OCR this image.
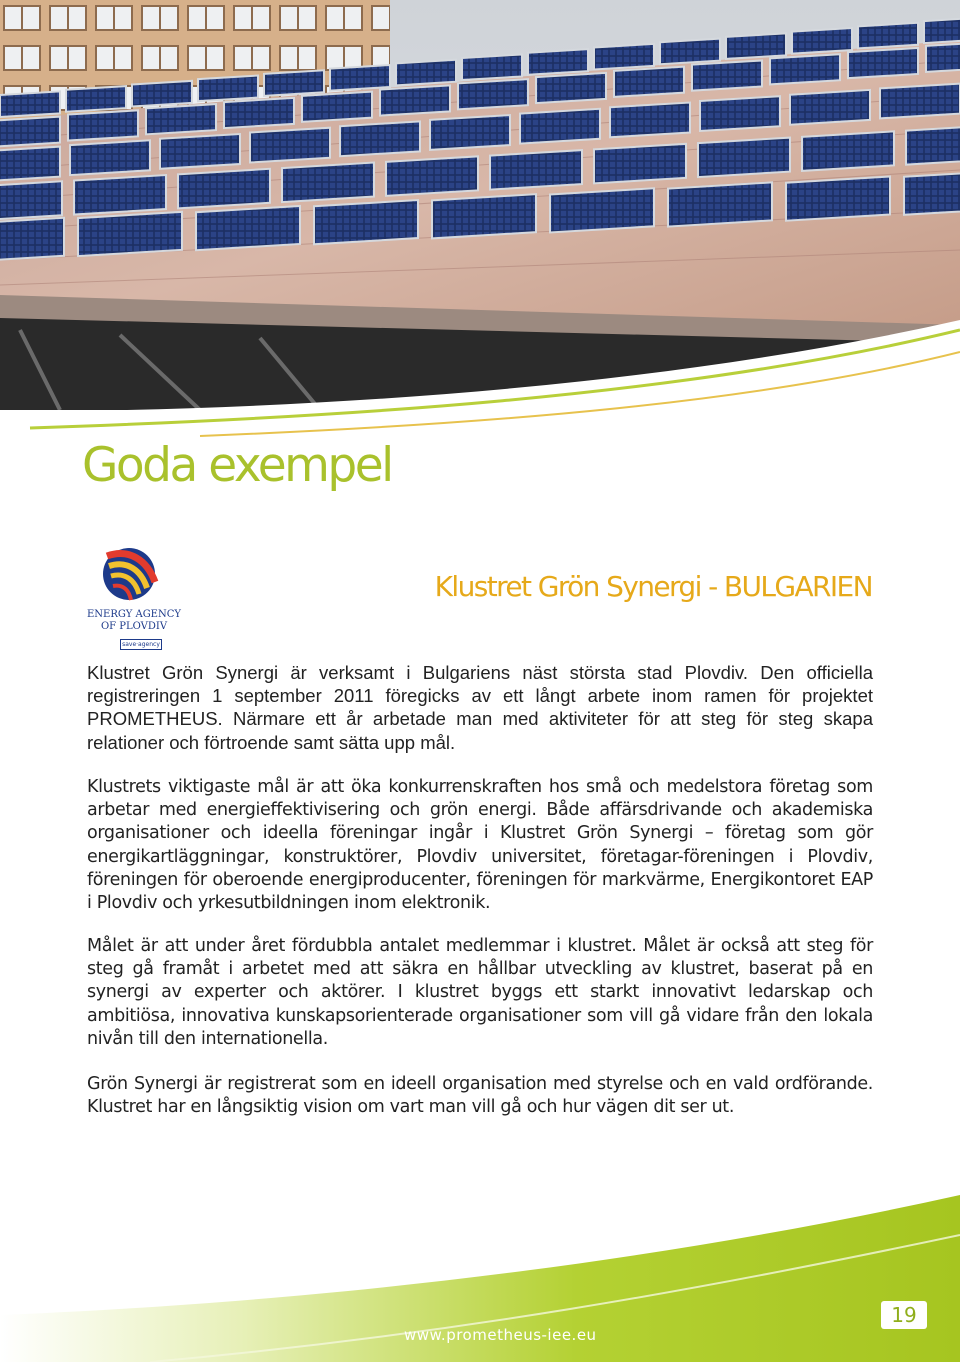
Goda exempel
ENERGY AGENCY
OF PLOVDIV
save·agency
Klustret Grön Synergi - BULGARIEN

Klustret Grön Synergi är verksamt i Bulgariens näst största stad Plovdiv. Den officiella registreringen 1 september 2011 föregicks av ett långt arbete inom ramen för projektet PROMETHEUS. Närmare ett år arbetade man med aktiviteter för att steg för steg skapa relationer och förtroende samt sätta upp mål.

Klustrets viktigaste mål är att öka konkurrenskraften hos små och medelstora företag som arbetar med energieffektivisering och grön energi. Både affärsdrivande och akademiska organisationer och ideella föreningar ingår i Klustret Grön Synergi – företag som gör energikartläggningar, konstruktörer, Plovdiv universitet, företagar-föreningen i Plovdiv, föreningen för oberoende energiproducenter, föreningen för markvärme, Energikontoret EAP i Plovdiv och yrkesutbildningen inom elektronik.

Målet är att under året fördubbla antalet medlemmar i klustret. Målet är också att steg för steg gå framåt i arbetet med att säkra en hållbar utveckling av klustret, baserat på en synergi av experter och aktörer. I klustret byggs ett starkt innovativt ledarskap och ambitiösa, innovativa kunskapsorienterade organisationer som vill gå vidare från den lokala nivån till den internationella.

Grön Synergi är registrerat som en ideell organisation med styrelse och en vald ordförande. Klustret har en långsiktig vision om vart man vill gå och hur vägen dit ser ut.

www.prometheus-iee.eu
19
